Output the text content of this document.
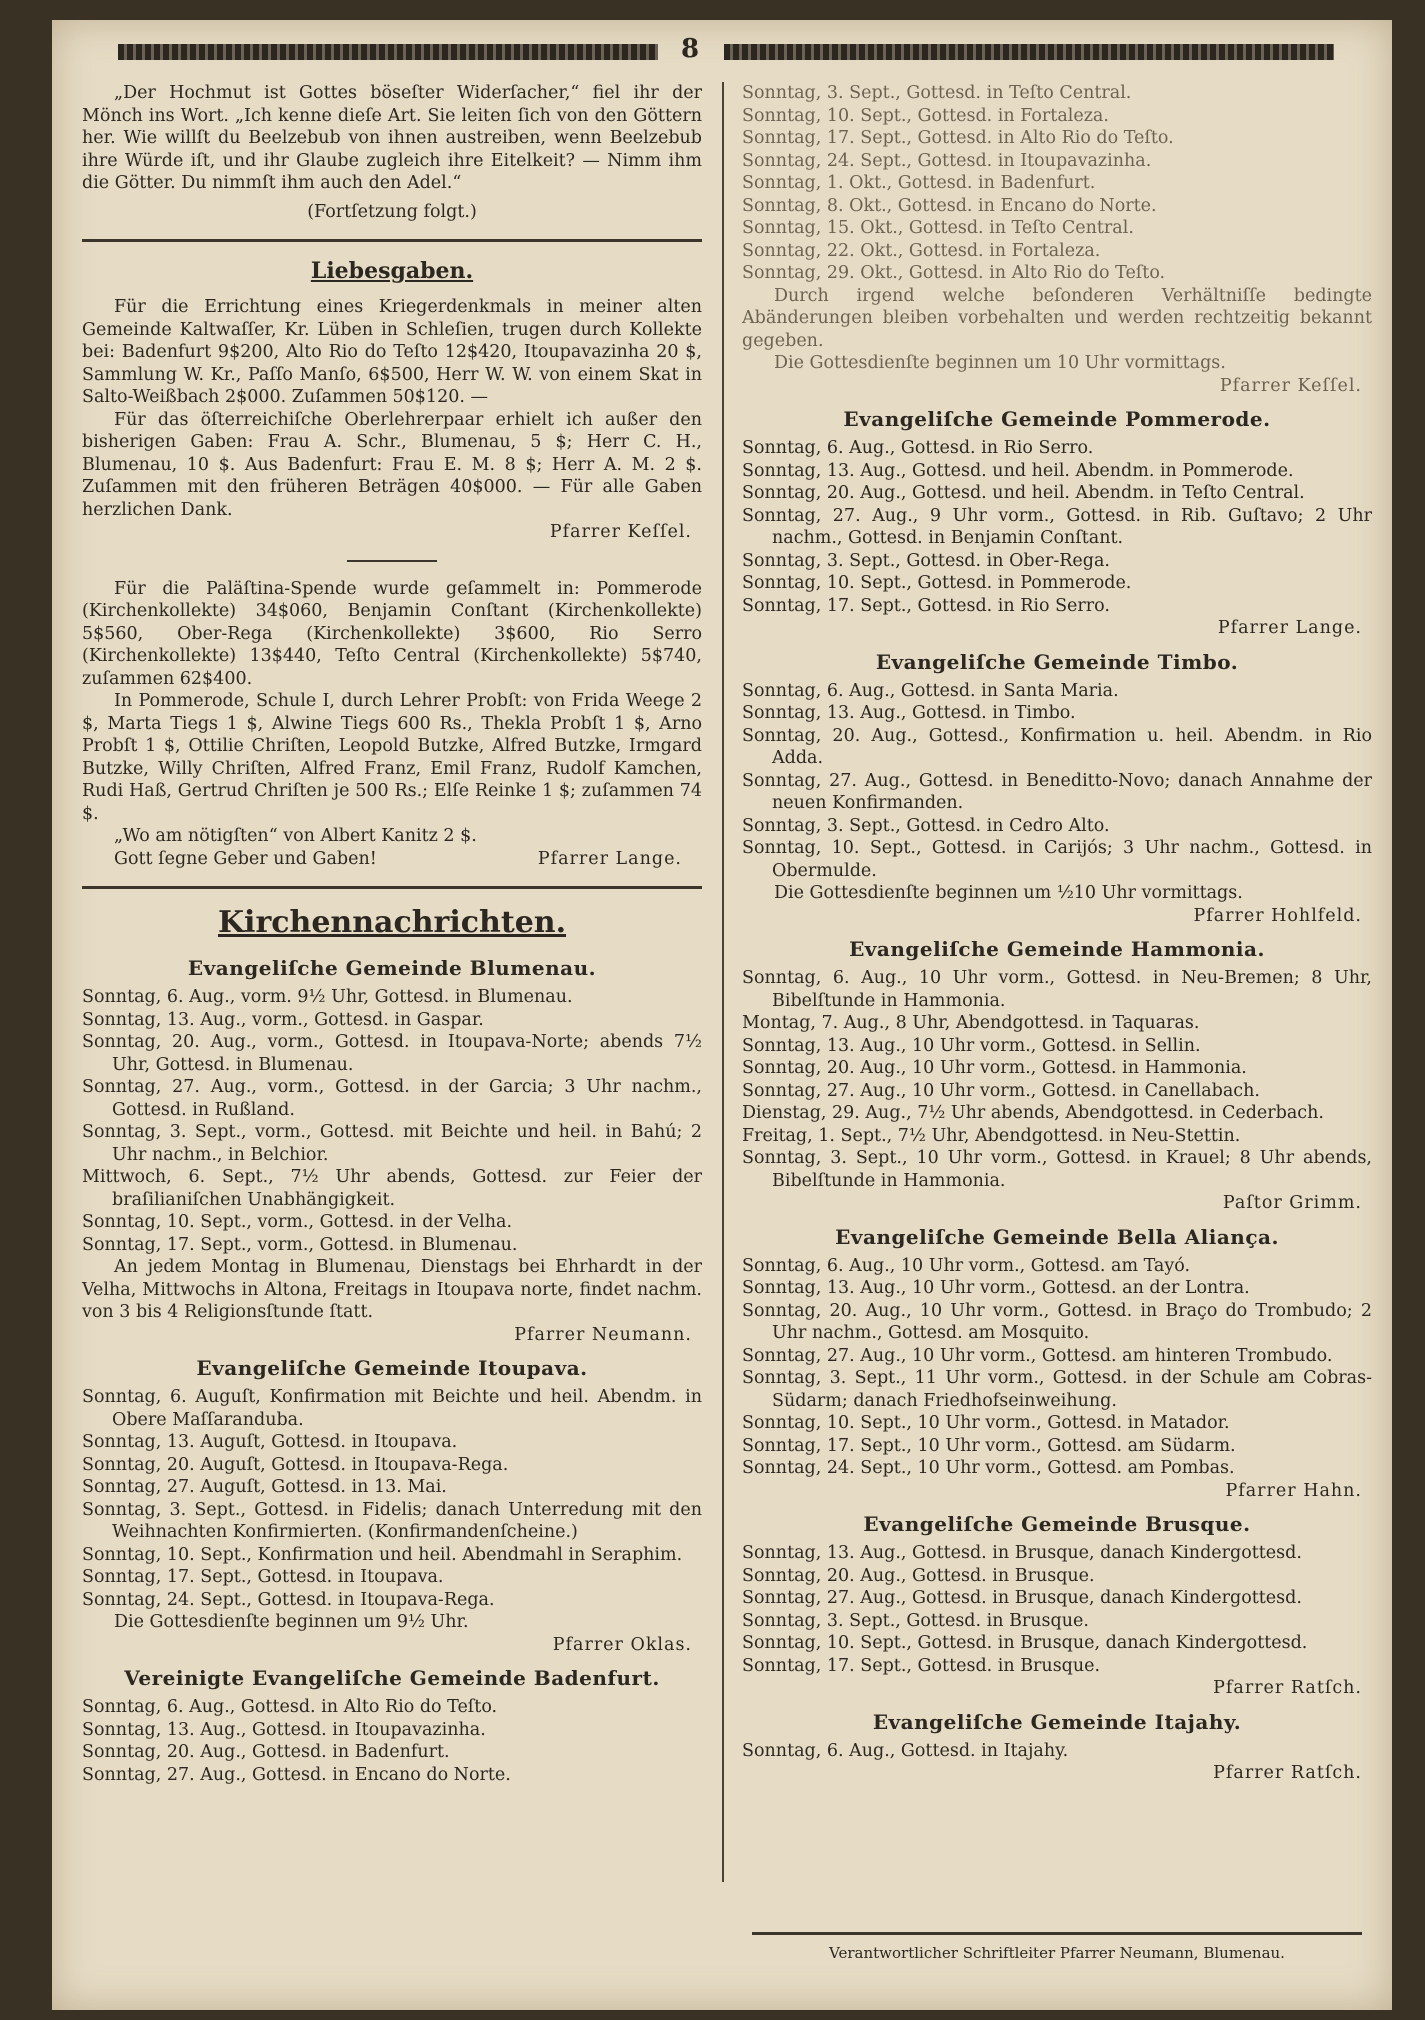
8

„Der Hochmut ist Gottes böseſter Widerſacher,“ fiel ihr der Mönch ins Wort. „Ich kenne dieſe Art. Sie leiten ſich von den Göttern her. Wie willſt du Beelzebub von ihnen austreiben, wenn Beelzebub ihre Würde iſt, und ihr Glaube zugleich ihre Eitelkeit? — Nimm ihm die Götter. Du nimmſt ihm auch den Adel.“

(Fortſetzung folgt.)

Liebesgaben.

Für die Errichtung eines Kriegerdenkmals in meiner alten Gemeinde Kaltwaſſer, Kr. Lüben in Schleſien, trugen durch Kollekte bei: Badenfurt 9$200, Alto Rio do Teſto 12$420, Itoupavazinha 20 $, Sammlung W. Kr., Paſſo Manſo, 6$500, Herr W. W. von einem Skat in Salto-Weißbach 2$000. Zuſammen 50$120. —

Für das öſterreichiſche Oberlehrerpaar erhielt ich außer den bisherigen Gaben: Frau A. Schr., Blumenau, 5 $; Herr C. H., Blumenau, 10 $. Aus Badenfurt: Frau E. M. 8 $; Herr A. M. 2 $. Zuſammen mit den früheren Beträgen 40$000. — Für alle Gaben herzlichen Dank.

Pfarrer Keſſel.

Für die Paläſtina-Spende wurde geſammelt in: Pommerode (Kirchenkollekte) 34$060, Benjamin Conſtant (Kirchenkollekte) 5$560, Ober-Rega (Kirchenkollekte) 3$600, Rio Serro (Kirchenkollekte) 13$440, Teſto Central (Kirchenkollekte) 5$740, zuſammen 62$400.

In Pommerode, Schule I, durch Lehrer Probſt: von Frida Weege 2 $, Marta Tiegs 1 $, Alwine Tiegs 600 Rs., Thekla Probſt 1 $, Arno Probſt 1 $, Ottilie Chriſten, Leopold Butzke, Alfred Butzke, Irmgard Butzke, Willy Chriſten, Alfred Franz, Emil Franz, Rudolf Kamchen, Rudi Haß, Gertrud Chriſten je 500 Rs.; Elſe Reinke 1 $; zuſammen 74 $.

„Wo am nötigſten“ von Albert Kanitz 2 $.

Gott ſegne Geber und Gaben!	Pfarrer Lange.

Kirchennachrichten.
Evangeliſche Gemeinde Blumenau.

Sonntag, 6. Aug., vorm. 9½ Uhr, Gottesd. in Blumenau.

Sonntag, 13. Aug., vorm., Gottesd. in Gaspar.

Sonntag, 20. Aug., vorm., Gottesd. in Itoupava-Norte; abends 7½ Uhr, Gottesd. in Blumenau.

Sonntag, 27. Aug., vorm., Gottesd. in der Garcia; 3 Uhr nachm., Gottesd. in Rußland.

Sonntag, 3. Sept., vorm., Gottesd. mit Beichte und heil. in Bahú; 2 Uhr nachm., in Belchior.

Mittwoch, 6. Sept., 7½ Uhr abends, Gottesd. zur Feier der braſilianiſchen Unabhängigkeit.

Sonntag, 10. Sept., vorm., Gottesd. in der Velha.

Sonntag, 17. Sept., vorm., Gottesd. in Blumenau.

An jedem Montag in Blumenau, Dienstags bei Ehrhardt in der Velha, Mittwochs in Altona, Freitags in Itoupava norte, findet nachm. von 3 bis 4 Religionsſtunde ſtatt.

Pfarrer Neumann.

Evangeliſche Gemeinde Itoupava.

Sonntag, 6. Auguſt, Konfirmation mit Beichte und heil. Abendm. in Obere Maſſaranduba.

Sonntag, 13. Auguſt, Gottesd. in Itoupava.

Sonntag, 20. Auguſt, Gottesd. in Itoupava-Rega.

Sonntag, 27. Auguſt, Gottesd. in 13. Mai.

Sonntag, 3. Sept., Gottesd. in Fidelis; danach Unterredung mit den Weihnachten Konfirmierten. (Konfirmandenſcheine.)

Sonntag, 10. Sept., Konfirmation und heil. Abendmahl in Seraphim.

Sonntag, 17. Sept., Gottesd. in Itoupava.

Sonntag, 24. Sept., Gottesd. in Itoupava-Rega.

Die Gottesdienſte beginnen um 9½ Uhr.

Pfarrer Oklas.

Vereinigte Evangeliſche Gemeinde Badenfurt.

Sonntag, 6. Aug., Gottesd. in Alto Rio do Teſto.

Sonntag, 13. Aug., Gottesd. in Itoupavazinha.

Sonntag, 20. Aug., Gottesd. in Badenfurt.

Sonntag, 27. Aug., Gottesd. in Encano do Norte.

Sonntag, 3. Sept., Gottesd. in Teſto Central.

Sonntag, 10. Sept., Gottesd. in Fortaleza.

Sonntag, 17. Sept., Gottesd. in Alto Rio do Teſto.

Sonntag, 24. Sept., Gottesd. in Itoupavazinha.

Sonntag, 1. Okt., Gottesd. in Badenfurt.

Sonntag, 8. Okt., Gottesd. in Encano do Norte.

Sonntag, 15. Okt., Gottesd. in Teſto Central.

Sonntag, 22. Okt., Gottesd. in Fortaleza.

Sonntag, 29. Okt., Gottesd. in Alto Rio do Teſto.

Durch irgend welche beſonderen Verhältniſſe bedingte Abänderungen bleiben vorbehalten und werden rechtzeitig bekannt gegeben.

Die Gottesdienſte beginnen um 10 Uhr vormittags.

Pfarrer Keſſel.

Evangeliſche Gemeinde Pommerode.

Sonntag, 6. Aug., Gottesd. in Rio Serro.

Sonntag, 13. Aug., Gottesd. und heil. Abendm. in Pommerode.

Sonntag, 20. Aug., Gottesd. und heil. Abendm. in Teſto Central.

Sonntag, 27. Aug., 9 Uhr vorm., Gottesd. in Rib. Guſtavo; 2 Uhr nachm., Gottesd. in Benjamin Conſtant.

Sonntag, 3. Sept., Gottesd. in Ober-Rega.

Sonntag, 10. Sept., Gottesd. in Pommerode.

Sonntag, 17. Sept., Gottesd. in Rio Serro.

Pfarrer Lange.

Evangeliſche Gemeinde Timbo.

Sonntag, 6. Aug., Gottesd. in Santa Maria.

Sonntag, 13. Aug., Gottesd. in Timbo.

Sonntag, 20. Aug., Gottesd., Konfirmation u. heil. Abendm. in Rio Adda.

Sonntag, 27. Aug., Gottesd. in Beneditto-Novo; danach Annahme der neuen Konfirmanden.

Sonntag, 3. Sept., Gottesd. in Cedro Alto.

Sonntag, 10. Sept., Gottesd. in Carijós; 3 Uhr nachm., Gottesd. in Obermulde.

Die Gottesdienſte beginnen um ½10 Uhr vormittags.

Pfarrer Hohlfeld.

Evangeliſche Gemeinde Hammonia.

Sonntag, 6. Aug., 10 Uhr vorm., Gottesd. in Neu-Bremen; 8 Uhr, Bibelſtunde in Hammonia.

Montag, 7. Aug., 8 Uhr, Abendgottesd. in Taquaras.

Sonntag, 13. Aug., 10 Uhr vorm., Gottesd. in Sellin.

Sonntag, 20. Aug., 10 Uhr vorm., Gottesd. in Hammonia.

Sonntag, 27. Aug., 10 Uhr vorm., Gottesd. in Canellabach.

Dienstag, 29. Aug., 7½ Uhr abends, Abendgottesd. in Cederbach.

Freitag, 1. Sept., 7½ Uhr, Abendgottesd. in Neu-Stettin.

Sonntag, 3. Sept., 10 Uhr vorm., Gottesd. in Krauel; 8 Uhr abends, Bibelſtunde in Hammonia.

Paſtor Grimm.

Evangeliſche Gemeinde Bella Aliança.

Sonntag, 6. Aug., 10 Uhr vorm., Gottesd. am Tayó.

Sonntag, 13. Aug., 10 Uhr vorm., Gottesd. an der Lontra.

Sonntag, 20. Aug., 10 Uhr vorm., Gottesd. in Braço do Trombudo; 2 Uhr nachm., Gottesd. am Mosquito.

Sonntag, 27. Aug., 10 Uhr vorm., Gottesd. am hinteren Trombudo.

Sonntag, 3. Sept., 11 Uhr vorm., Gottesd. in der Schule am Cobras-Südarm; danach Friedhofseinweihung.

Sonntag, 10. Sept., 10 Uhr vorm., Gottesd. in Matador.

Sonntag, 17. Sept., 10 Uhr vorm., Gottesd. am Südarm.

Sonntag, 24. Sept., 10 Uhr vorm., Gottesd. am Pombas.

Pfarrer Hahn.

Evangeliſche Gemeinde Brusque.

Sonntag, 13. Aug., Gottesd. in Brusque, danach Kindergottesd.

Sonntag, 20. Aug., Gottesd. in Brusque.

Sonntag, 27. Aug., Gottesd. in Brusque, danach Kindergottesd.

Sonntag, 3. Sept., Gottesd. in Brusque.

Sonntag, 10. Sept., Gottesd. in Brusque, danach Kindergottesd.

Sonntag, 17. Sept., Gottesd. in Brusque.

Pfarrer Ratſch.

Evangeliſche Gemeinde Itajahy.

Sonntag, 6. Aug., Gottesd. in Itajahy.

Pfarrer Ratſch.

Verantwortlicher Schriftleiter Pfarrer Neumann, Blumenau.
